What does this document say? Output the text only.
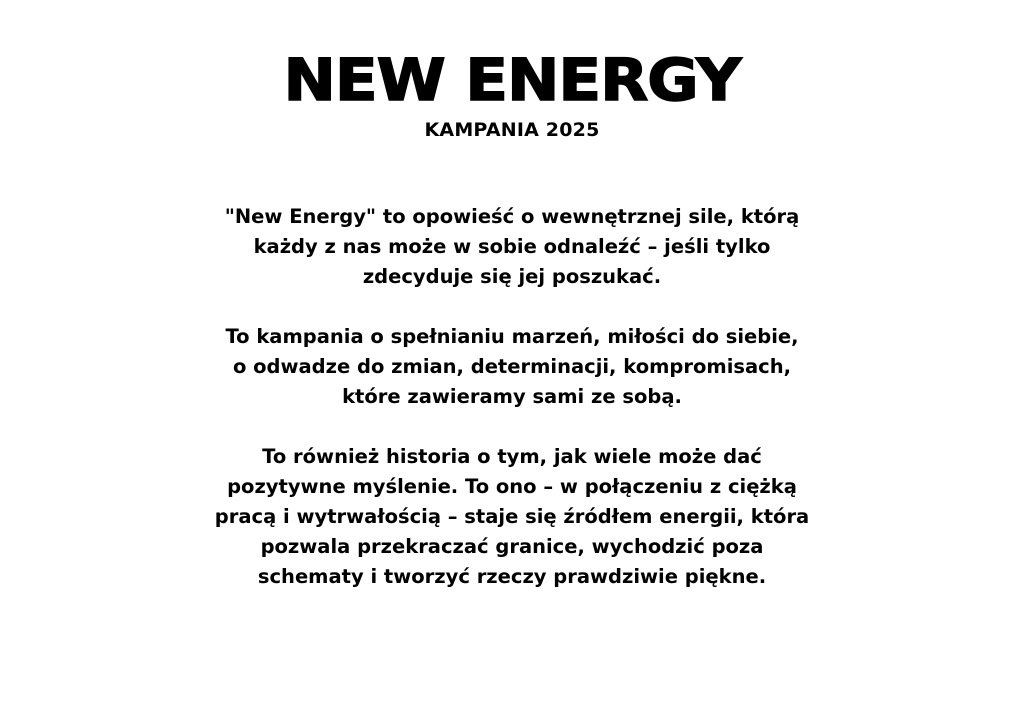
NEW ENERGY
KAMPANIA 2025
"New Energy" to opowieść o wewnętrznej sile, którą
każdy z nas może w sobie odnaleźć – jeśli tylko
zdecyduje się jej poszukać.
To kampania o spełnianiu marzeń, miłości do siebie,
o odwadze do zmian, determinacji, kompromisach,
które zawieramy sami ze sobą.
To również historia o tym, jak wiele może dać
pozytywne myślenie. To ono – w połączeniu z ciężką
pracą i wytrwałością – staje się źródłem energii, która
pozwala przekraczać granice, wychodzić poza
schematy i tworzyć rzeczy prawdziwie piękne.
